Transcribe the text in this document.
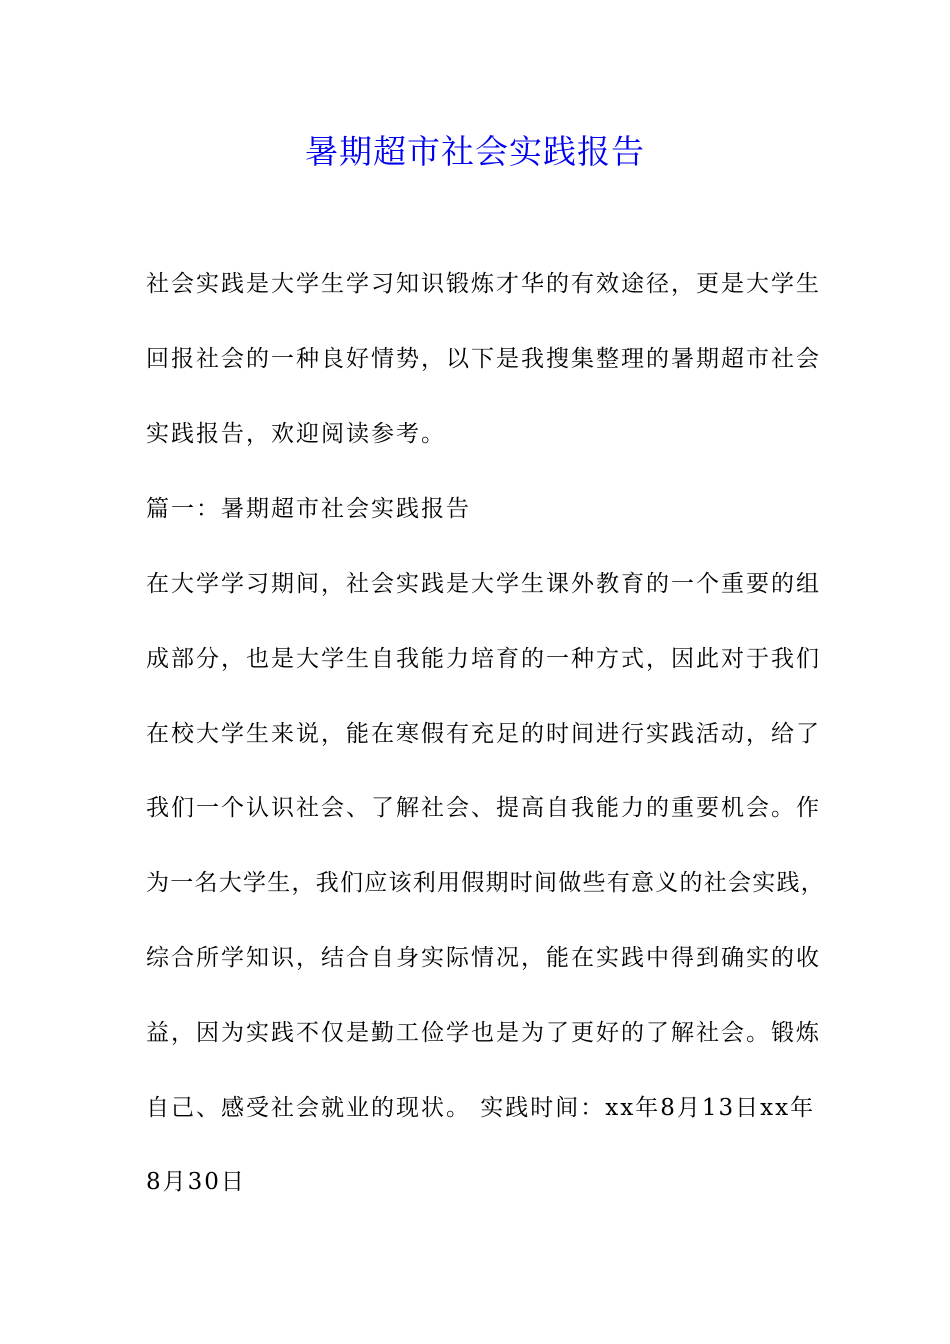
暑期超市社会实践报告

社会实践是大学生学习知识锻炼才华的有效途径，更是大学生

回报社会的一种良好情势，以下是我搜集整理的暑期超市社会

实践报告，欢迎阅读参考。

篇一：暑期超市社会实践报告

在大学学习期间，社会实践是大学生课外教育的一个重要的组

成部分，也是大学生自我能力培育的一种方式，因此对于我们

在校大学生来说，能在寒假有充足的时间进行实践活动，给了

我们一个认识社会、了解社会、提高自我能力的重要机会。作

为一名大学生，我们应该利用假期时间做些有意义的社会实践，

综合所学知识，结合自身实际情况，能在实践中得到确实的收

益，因为实践不仅是勤工俭学也是为了更好的了解社会。锻炼

自己、感受社会就业的现状。 实践时间：xx年8月13日xx年

8月30日
